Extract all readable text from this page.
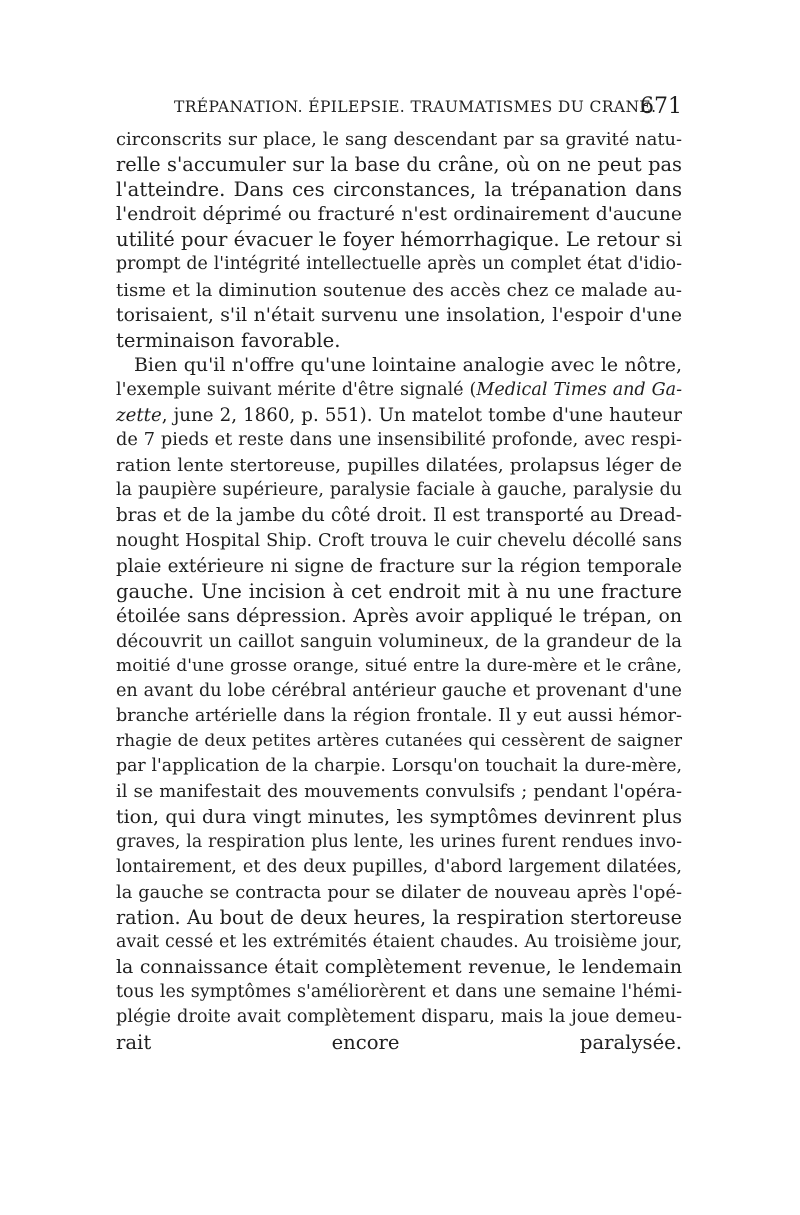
TRÉPANATION. ÉPILEPSIE. TRAUMATISMES DU CRANE.
671
circonscrits sur place, le sang descendant par sa gravité natu-
relle s'accumuler sur la base du crâne, où on ne peut pas
l'atteindre. Dans ces circonstances, la trépanation dans
l'endroit déprimé ou fracturé n'est ordinairement d'aucune
utilité pour évacuer le foyer hémorrhagique. Le retour si
prompt de l'intégrité intellectuelle après un complet état d'idio-
tisme et la diminution soutenue des accès chez ce malade au-
torisaient, s'il n'était survenu une insolation, l'espoir d'une
terminaison favorable.
Bien qu'il n'offre qu'une lointaine analogie avec le nôtre,
l'exemple suivant mérite d'être signalé (Medical Times and Ga-
zette, june 2, 1860, p. 551). Un matelot tombe d'une hauteur
de 7 pieds et reste dans une insensibilité profonde, avec respi-
ration lente stertoreuse, pupilles dilatées, prolapsus léger de
la paupière supérieure, paralysie faciale à gauche, paralysie du
bras et de la jambe du côté droit. Il est transporté au Dread-
nought Hospital Ship. Croft trouva le cuir chevelu décollé sans
plaie extérieure ni signe de fracture sur la région temporale
gauche. Une incision à cet endroit mit à nu une fracture
étoilée sans dépression. Après avoir appliqué le trépan, on
découvrit un caillot sanguin volumineux, de la grandeur de la
moitié d'une grosse orange, situé entre la dure-mère et le crâne,
en avant du lobe cérébral antérieur gauche et provenant d'une
branche artérielle dans la région frontale. Il y eut aussi hémor-
rhagie de deux petites artères cutanées qui cessèrent de saigner
par l'application de la charpie. Lorsqu'on touchait la dure-mère,
il se manifestait des mouvements convulsifs ; pendant l'opéra-
tion, qui dura vingt minutes, les symptômes devinrent plus
graves, la respiration plus lente, les urines furent rendues invo-
lontairement, et des deux pupilles, d'abord largement dilatées,
la gauche se contracta pour se dilater de nouveau après l'opé-
ration. Au bout de deux heures, la respiration stertoreuse
avait cessé et les extrémités étaient chaudes. Au troisième jour,
la connaissance était complètement revenue, le lendemain
tous les symptômes s'améliorèrent et dans une semaine l'hémi-
plégie droite avait complètement disparu, mais la joue demeu-
rait encore paralysée.
